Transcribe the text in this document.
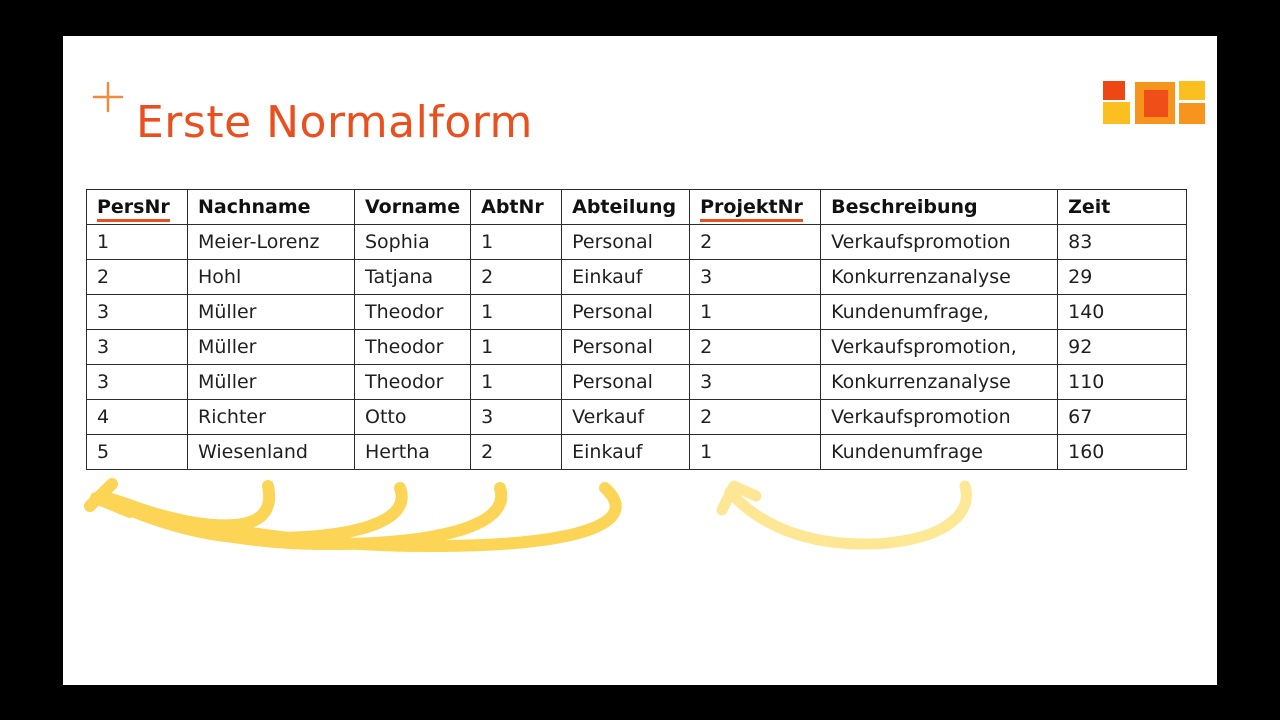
Erste Normalform
PersNr	Nachname	Vorname	AbtNr	Abteilung	ProjektNr	Beschreibung	Zeit
1	Meier-Lorenz	Sophia	1	Personal	2	Verkaufspromotion	83
2	Hohl	Tatjana	2	Einkauf	3	Konkurrenzanalyse	29
3	Müller	Theodor	1	Personal	1	Kundenumfrage,	140
3	Müller	Theodor	1	Personal	2	Verkaufspromotion,	92
3	Müller	Theodor	1	Personal	3	Konkurrenzanalyse	110
4	Richter	Otto	3	Verkauf	2	Verkaufspromotion	67
5	Wiesenland	Hertha	2	Einkauf	1	Kundenumfrage	160
